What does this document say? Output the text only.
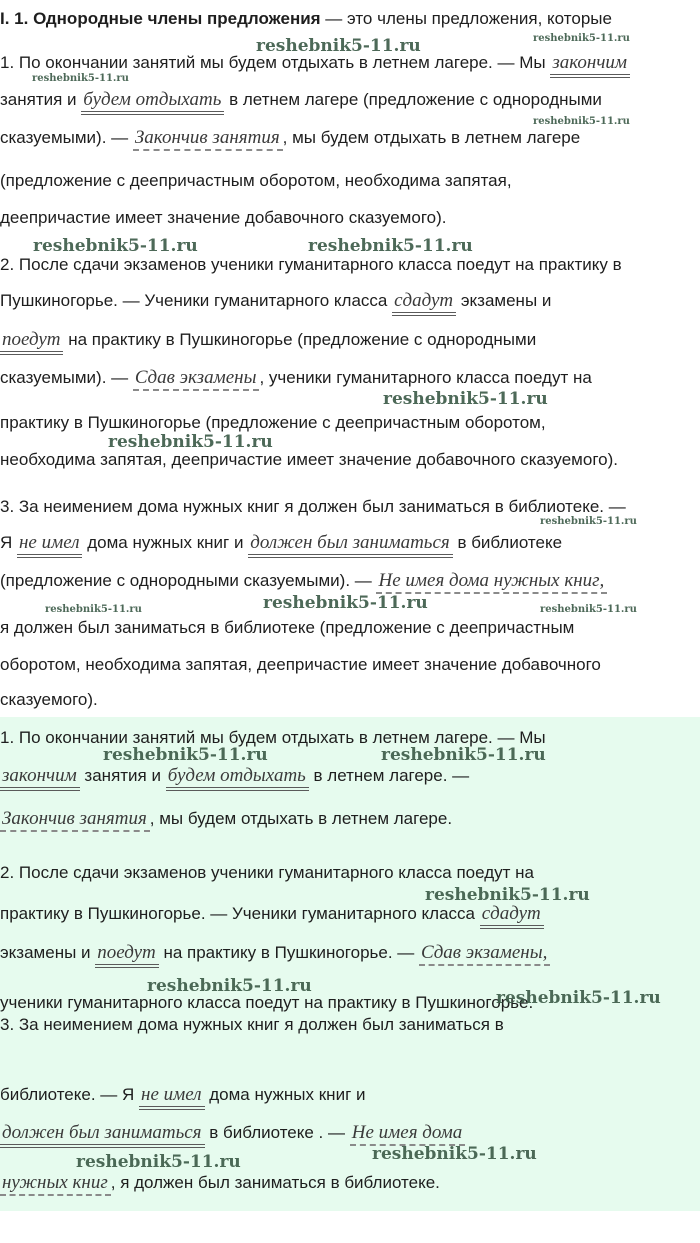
I. 1. Однородные члены предложения — это члены предложения, которые
1. По окончании занятий мы будем отдыхать в летнем лагере. — Мы закончим
занятия и будем отдыхать в летнем лагере (предложение с однородными
сказуемыми). — Закончив занятия , мы будем отдыхать в летнем лагере
(предложение с деепричастным оборотом, необходима запятая,
деепричастие имеет значение добавочного сказуемого).
2. После сдачи экзаменов ученики гуманитарного класса поедут на практику в
Пушкиногорье. — Ученики гуманитарного класса сдадут экзамены и
поедут на практику в Пушкиногорье (предложение с однородными
сказуемыми). — Сдав экзамены , ученики гуманитарного класса поедут на
практику в Пушкиногорье (предложение с деепричастным оборотом,
необходима запятая, деепричастие имеет значение добавочного сказуемого).
3. За неимением дома нужных книг я должен был заниматься в библиотеке. —
Я не имел дома нужных книг и должен был заниматься в библиотеке
(предложение с однородными сказуемыми). — Не имея дома нужных книг,
я должен был заниматься в библиотеке (предложение с деепричастным
оборотом, необходима запятая, деепричастие имеет значение добавочного
сказуемого).
1. По окончании занятий мы будем отдыхать в летнем лагере. — Мы
закончим занятия и будем отдыхать в летнем лагере. —
Закончив занятия , мы будем отдыхать в летнем лагере.
2. После сдачи экзаменов ученики гуманитарного класса поедут на
практику в Пушкиногорье. — Ученики гуманитарного класса сдадут
экзамены и поедут на практику в Пушкиногорье. — Сдав экзамены,
ученики гуманитарного класса поедут на практику в Пушкиногорье.
3. За неимением дома нужных книг я должен был заниматься в
библиотеке. — Я не имел дома нужных книг и
должен был заниматься в библиотеке . — Не имея дома
нужных книг , я должен был заниматься в библиотеке.
reshebnik5-11.ru	reshebnik5-11.ru
reshebnik5-11.ru
reshebnik5-11.ru
reshebnik5-11.ru	reshebnik5-11.ru
reshebnik5-11.ru
reshebnik5-11.ru
reshebnik5-11.ru
reshebnik5-11.ru
reshebnik5-11.ru	reshebnik5-11.ru
reshebnik5-11.ru	reshebnik5-11.ru
reshebnik5-11.ru
reshebnik5-11.ru
reshebnik5-11.ru
reshebnik5-11.ru	reshebnik5-11.ru
